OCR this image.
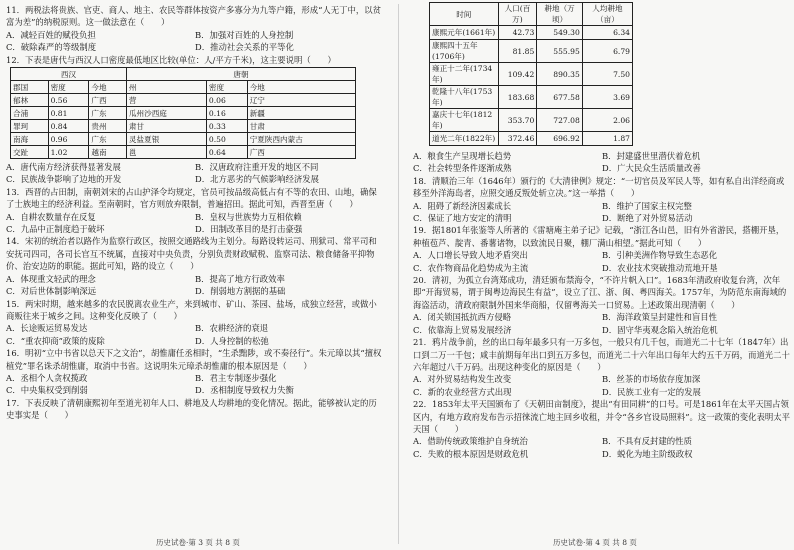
11．两税法将贵族、官吏、商人、地主、农民等群体按资产多寡分为九等户籍，形成“人无丁中，以贫富为差”的纳税原则。这一做法意在（　　）

A．减轻百姓的赋役负担	B．加强对百姓的人身控制
C．破除森严的等级制度	D．推动社会关系的平等化

12．下表是唐代与西汉人口密度最低地区比较(单位：人/平方千米)，这主要说明（　　）

西汉			唐朝		
郡国	密度	今地	州	密度	今地
郁林	0.56	广西	营	0.06	辽宁
合浦	0.81	广东	瓜州沙西庭	0.16	新疆
罪珂	0.84	贵州	肃甘	0.33	甘肃
南海	0.96	广东	灵盐夏银	0.50	宁夏陕西内蒙古
交趾	1.02	越南	邕	0.64	广西
A．唐代南方经济获得显著发展	B．汉唐政府注重开发的地区不同
C．民族战争影响了边地的开发	D．北方恶劣的气候影响经济发展

13．西晋的占田制，南朝刘宋的占山护泽令均规定，官员可按品级高低占有不等的农田、山地，确保了士族地主的经济利益。至南朝时，官方则放弃限制，普遍招田。据此可知，西晋至唐（　　）

A．自耕农数量存在反复	B．皇权与世族势力互相依赖
C．九品中正制度趋于破坏	D．田制改革目的是打击豪强

14．宋初的统治者以路作为监察行政区，按照交通路线为主划分。每路设转运司、刑狱司、常平司和安抚司四司，各司长官互不统属，直接对中央负责，分别负责财政赋税、监察司法、粮食储备平抑物价、治安边防的职能。据此可知，路的设立（　　）

A．体现重文轻武的理念	B．提高了地方行政效率
C．对后世体制影响深远	D．削弱地方割据的基础

15．两宋时期，越来越多的农民脱离农业生产，来到城市、矿山、茶园、盐场，成独立经营，或做小商贩往来于城乡之间。这种变化反映了（　　）

A．长途贩运贸易发达	B．农耕经济的衰退
C．“重农抑商”政策的废除	D．人身控制的松弛

16．明初“立中书省以总天下之文治”，胡惟庸任丞相时，“生杀黜陟，或不奏径行”。朱元璋以其“擅权植党”罪名诛杀胡惟庸，取消中书省。这说明朱元璋杀胡惟庸的根本原因是（　　）

A．丞相个人贪权揽政	B．君主专制逐步强化
C．中央集权受到削弱	D．丞相制度导致权力失衡

17．下表反映了清朝康熙初年至道光初年人口、耕地及人均耕地的变化情况。据此，能够被认定的历史事实是（　　）

历史试卷·第 3 页 共 8 页
时间	人口(百万)	耕地（万顷）	人均耕地（亩）
康熙元年(1661年)	42.73	549.30	6.34
康熙四十五年(1706年)	81.85	555.95	6.79
雍正十二年(1734年)	109.42	890.35	7.50
乾隆十八年(1753年)	183.68	677.58	3.69
嘉庆十七年(1812年)	353.70	727.08	2.06
道光二年(1822年)	372.46	696.92	1.87
A．粮食生产呈现增长趋势	B．封建盛世里潜伏着危机
C．社会转型条件逐渐成熟	D．广大民众生活质量改善

18．清顺治三年（1646年）颁行的《大清律例》规定：“一切官员及军民人等，如有私自出洋经商或移至外洋海岛者，应照交通反叛处斩立决。”这一举措（　　）

A．阻碍了新经济因素成长	B．维护了国家主权完整
C．保证了地方安定的清明	D．断绝了对外贸易活动

19．据1801年张鉴等人所著的《雷塘庵主弟子记》记载，“浙江各山邑，旧有外省游民，搭棚开垦，种植苞芦、靛青、番薯诸物，以致流民日聚，棚厂满山相望。”据此可知（　　）

A．人口增长导致人地矛盾突出	B．引种美洲作物导致生态恶化
C．农作物商品化趋势成为主流	D．农业技术突破推动荒地开垦

20．清初，为孤立台湾郑成功，清廷颁布禁海令，“不许片帆入口”。1683年清政府收复台湾，次年即“开海贸易，谓于闽粤边海民生有益”，设立了江、浙、闽、粤四海关。1757年，为防范东南海域的海盗活动，清政府限制外国来华商船，仅留粤海关一口贸易。上述政策出现清朝（　　）

A．闭关锁国抵抗西方侵略	B．海洋政策呈封建性和盲目性
C．依靠海上贸易发展经济	D．固守华夷观念陷入统治危机

21．鸦片战争前，丝的出口每年最多只有一万多包，一般只有几千包，而道光二十七年（1847年）出口到二万一千包；咸丰前期每年出口到五万多包，而道光二十六年出口每年大约五千万码，而道光二十六年超过八千万码。出现这种变化的原因是（　　）

A．对外贸易结构发生改变	B．丝茶的市场依存度加深
C．新的农业经营方式出现	D．民族工业有一定的发展

22．1853年太平天国颁布了《天朝田亩制度》，提出“有田同耕”的口号。可是1861年在太平天国占领区内，有地方政府发布告示招徕流亡地主回乡收租，并令“各乡官设局照料”。这一政策的变化表明太平天国（　　）

A．借助传统政策维护自身统治	B．不具有反封建的性质
C．失败的根本原因是财政危机	D．蜕化为地主阶级政权
历史试卷·第 4 页 共 8 页
